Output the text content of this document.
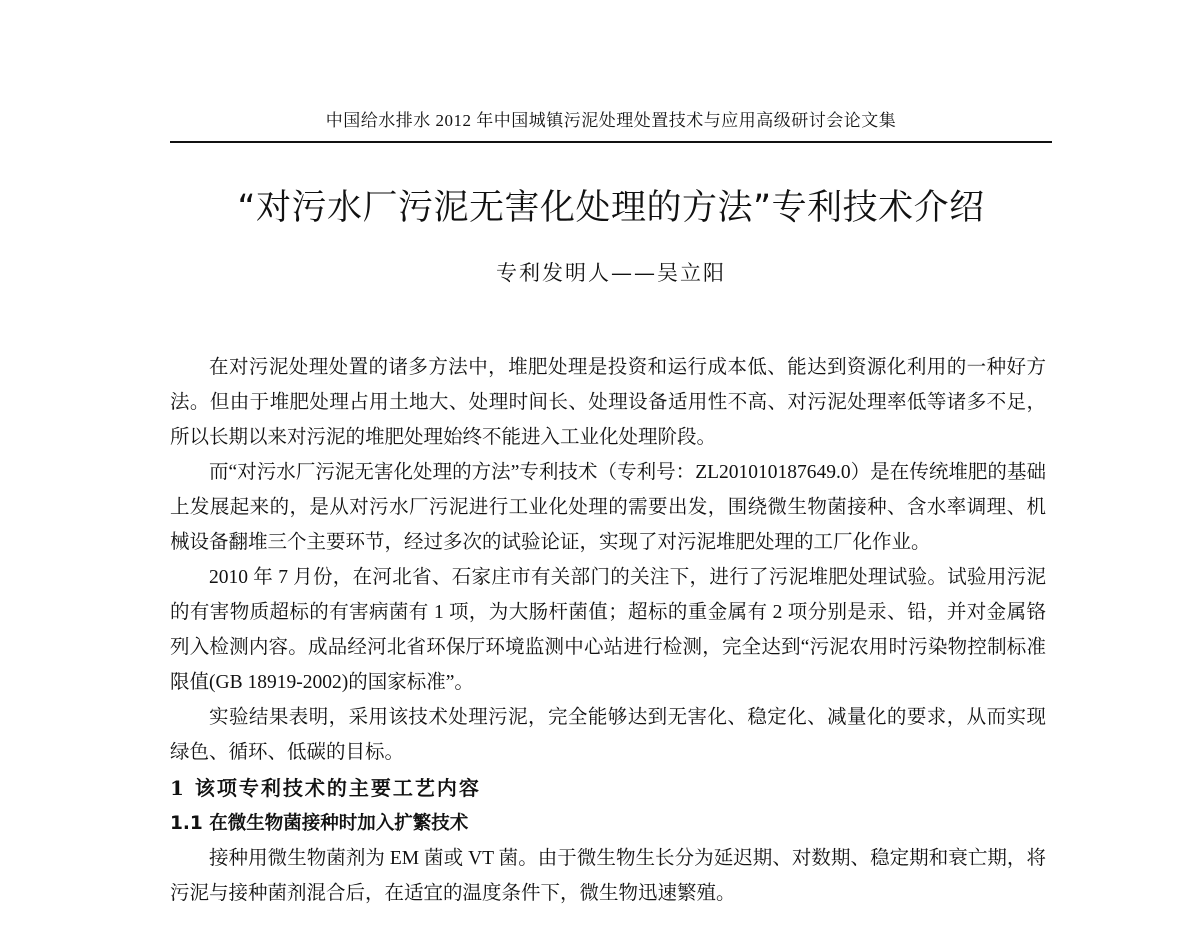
中国给水排水 2012 年中国城镇污泥处理处置技术与应用高级研讨会论文集
“对污水厂污泥无害化处理的方法”专利技术介绍
专利发明人——吴立阳

在对污泥处理处置的诸多方法中，堆肥处理是投资和运行成本低、能达到资源化利用的一种好方法。但由于堆肥处理占用土地大、处理时间长、处理设备适用性不高、对污泥处理率低等诸多不足，所以长期以来对污泥的堆肥处理始终不能进入工业化处理阶段。

而“对污水厂污泥无害化处理的方法”专利技术（专利号：ZL201010187649.0）是在传统堆肥的基础上发展起来的，是从对污水厂污泥进行工业化处理的需要出发，围绕微生物菌接种、含水率调理、机械设备翻堆三个主要环节，经过多次的试验论证，实现了对污泥堆肥处理的工厂化作业。

2010 年 7 月份，在河北省、石家庄市有关部门的关注下，进行了污泥堆肥处理试验。试验用污泥的有害物质超标的有害病菌有 1 项，为大肠杆菌值；超标的重金属有 2 项分别是汞、铅，并对金属铬列入检测内容。成品经河北省环保厅环境监测中心站进行检测，完全达到“污泥农用时污染物控制标准限值(GB 18919-2002)的国家标准”。

实验结果表明，采用该技术处理污泥，完全能够达到无害化、稳定化、减量化的要求，从而实现绿色、循环、低碳的目标。

1 该项专利技术的主要工艺内容
1.1 在微生物菌接种时加入扩繁技术

接种用微生物菌剂为 EM 菌或 VT 菌。由于微生物生长分为延迟期、对数期、稳定期和衰亡期，将污泥与接种菌剂混合后，在适宜的温度条件下，微生物迅速繁殖。
